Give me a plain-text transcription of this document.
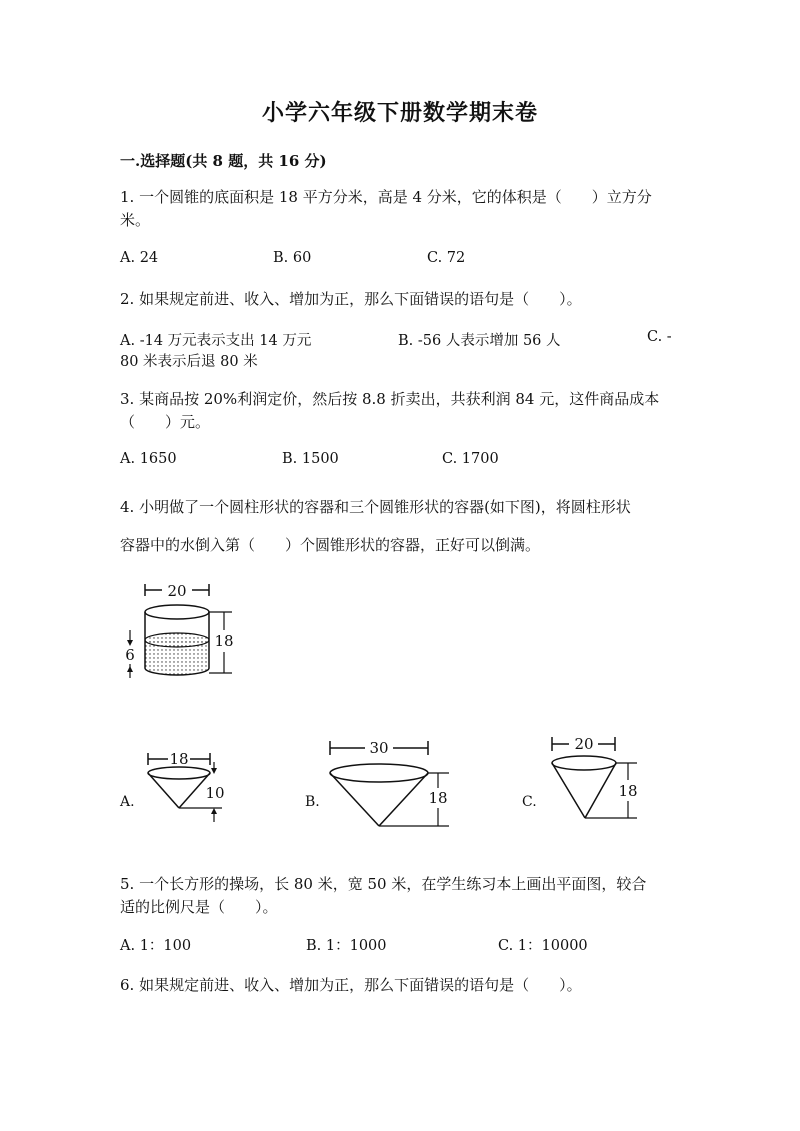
小学六年级下册数学期末卷
一.选择题(共 8 题，共 16 分)
1. 一个圆锥的底面积是 18 平方分米，高是 4 分米，它的体积是（　　）立方分
米。
A. 24	B. 60	C. 72
2. 如果规定前进、收入、增加为正，那么下面错误的语句是（　　）。
A. -14 万元表示支出 14 万元	B. -56 人表示增加 56 人	C. -
80 米表示后退 80 米
3. 某商品按 20%利润定价，然后按 8.8 折卖出，共获利润 84 元，这件商品成本
（　　）元。
A. 1650	B. 1500	C. 1700
4. 小明做了一个圆柱形状的容器和三个圆锥形状的容器(如下图)，将圆柱形状
容器中的水倒入第（　　）个圆锥形状的容器，正好可以倒满。
20
18
6
A.
18
10	B.
30
18	C.
20
18
5. 一个长方形的操场，长 80 米，宽 50 米，在学生练习本上画出平面图，较合
适的比例尺是（　　）。
A. 1：100	B. 1：1000	C. 1：10000
6. 如果规定前进、收入、增加为正，那么下面错误的语句是（　　）。
